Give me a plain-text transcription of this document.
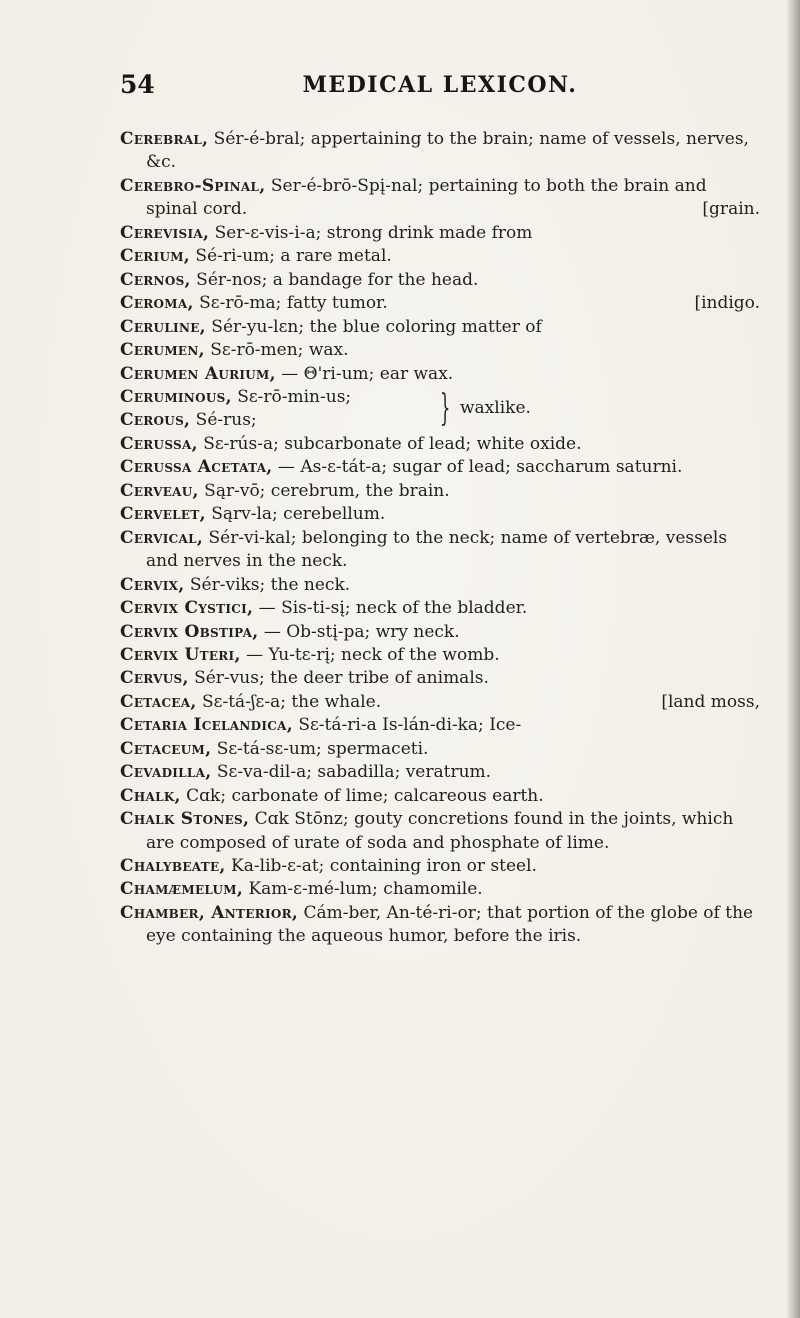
54	MEDICAL LEXICON.
Cerebral, Sér-é-bral; appertaining to the brain; name of vessels, nerves, &c.
Cerebro-Spinal, Ser-é-brō-Spį-nal; pertaining to both the brain and spinal cord.	[grain.
Cerevisia, Ser-ɛ-vis-i-a; strong drink made from
Cerium, Sé-ri-um; a rare metal.
Cernos, Sér-nos; a bandage for the head.
Ceroma, Sɛ-rō-ma; fatty tumor.	[indigo.
Ceruline, Sér-yu-lɛn; the blue coloring matter of
Cerumen, Sɛ-rō-men; wax.
Cerumen Aurium, — Θ'ri-um; ear wax.
Ceruminous, Sɛ-rō-min-us;
Cerous, Sé-rus;	} waxlike.
Cerussa, Sɛ-rús-a; subcarbonate of lead; white oxide.
Cerussa Acetata, — As-ɛ-tát-a; sugar of lead; saccharum saturni.
Cerveau, Sąr-vō; cerebrum, the brain.
Cervelet, Sąrv-la; cerebellum.
Cervical, Sér-vi-kal; belonging to the neck; name of vertebræ, vessels and nerves in the neck.
Cervix, Sér-viks; the neck.
Cervix Cystici, — Sis-ti-sį; neck of the bladder.
Cervix Obstipa, — Ob-stį-pa; wry neck.
Cervix Uteri, — Yu-tɛ-rį; neck of the womb.
Cervus, Sér-vus; the deer tribe of animals.
Cetacea, Sɛ-tá-ʃɛ-a; the whale.	[land moss,
Cetaria Icelandica, Sɛ-tá-ri-a Is-lán-di-ka; Ice-
Cetaceum, Sɛ-tá-sɛ-um; spermaceti.
Cevadilla, Sɛ-va-dil-a; sabadilla; veratrum.
Chalk, Cɑk; carbonate of lime; calcareous earth.
Chalk Stones, Cɑk Stōnz; gouty concretions found in the joints, which are composed of urate of soda and phosphate of lime.
Chalybeate, Ka-lib-ɛ-at; containing iron or steel.
Chamæmelum, Kam-ɛ-mé-lum; chamomile.
Chamber, Anterior, Cám-ber, An-té-ri-or; that portion of the globe of the eye containing the aqueous humor, before the iris.
